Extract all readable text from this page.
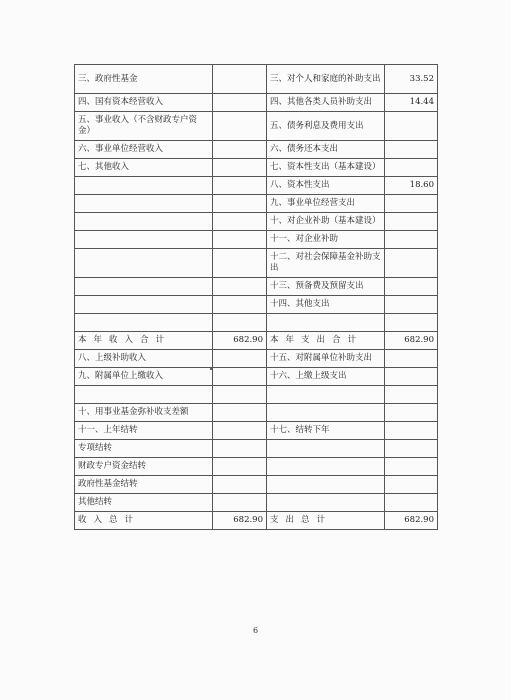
三、政府性基金		三、对个人和家庭的补助支出	33.52
四、国有资本经营收入		四、其他各类人员补助支出	14.44
五、事业收入（不含财政专户资金）		五、债务利息及费用支出	
六、事业单位经营收入		六、债务还本支出	
七、其他收入		七、资本性支出（基本建设）	
		八、资本性支出	18.60
		九、事业单位经营支出	
		十、对企业补助（基本建设）	
		十一、对企业补助	
		十二、对社会保障基金补助支出	
		十三、预备费及预留支出	
		十四、其他支出	

本年收入合计	682.90	本年支出合计	682.90
八、上级补助收入		十五、对附属单位补助支出	
九、附属单位上缴收入		十六、上缴上级支出	

十、用事业基金弥补收支差额			
十一、上年结转		十七、结转下年	
专项结转			
财政专户资金结转			
政府性基金结转			
其他结转			
收入总计	682.90	支出总计	682.90
6
